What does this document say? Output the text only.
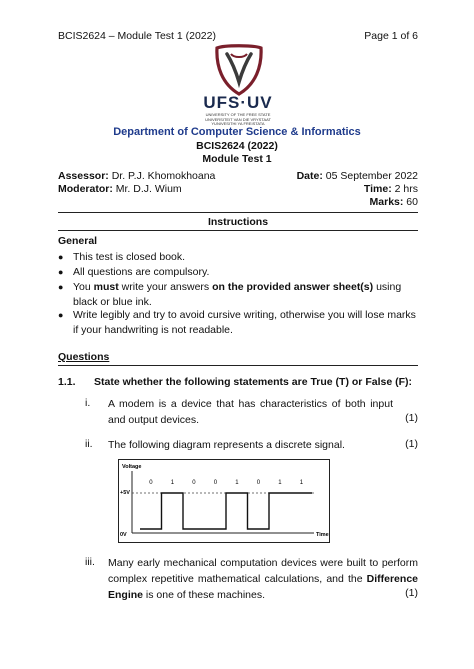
BCIS2624 – Module Test 1 (2022)	Page 1 of 6
UFS·UV
UNIVERSITY OF THE FREE STATE
UNIVERSITEIT VAN DIE VRYSTAAT
YUNIVESITHI YA FREISTATA
Department of Computer Science & Informatics
BCIS2624 (2022)
Module Test 1
Assessor: Dr. P.J. Khomokhoana	Date: 05 September 2022
Moderator: Mr. D.J. Wium	Time: 2 hrs
Marks: 60
Instructions
General
● This test is closed book.
● All questions are compulsory.
● You must write your answers on the provided answer sheet(s) using black or blue ink.
● Write legibly and try to avoid cursive writing, otherwise you will lose marks if your handwriting is not readable.
Questions
1.1. State whether the following statements are True (T) or False (F):
i.	A modem is a device that has characteristics of both input and output devices.	(1)
ii.	The following diagram represents a discrete signal.	(1)
Voltage
Time
+5V
0V
0	1	0	0	1	0	1	1
iii.	Many early mechanical computation devices were built to perform complex repetitive mathematical calculations, and the Difference Engine is one of these machines.	(1)
